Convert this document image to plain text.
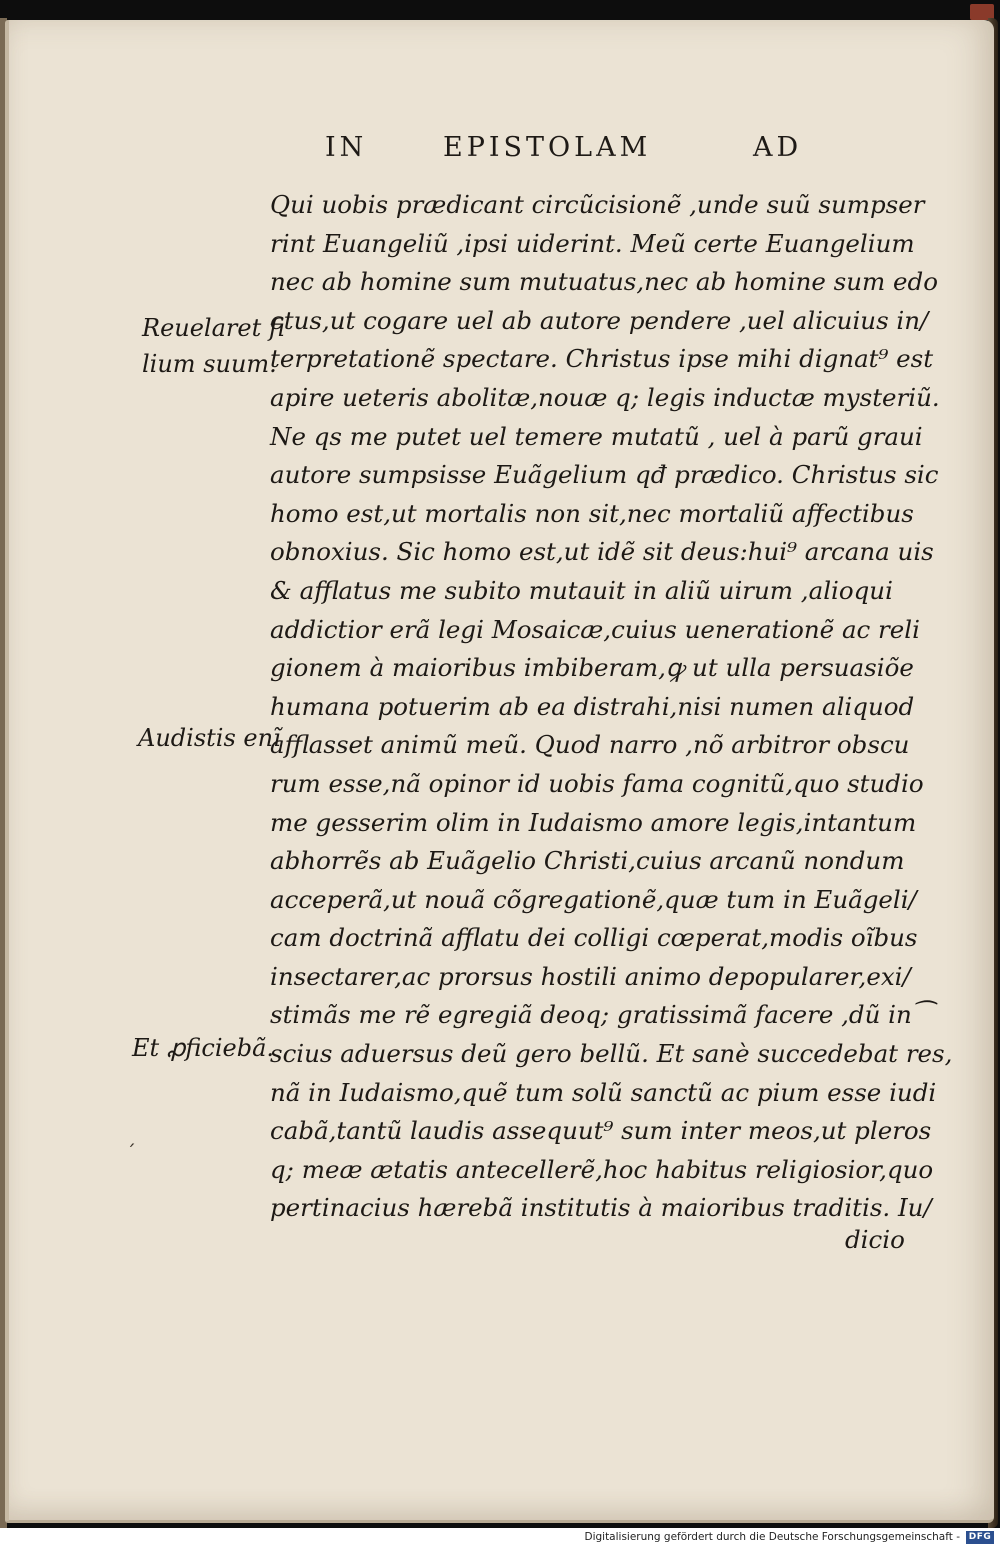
IN	EPISTOLAM	AD
Reuelaret fi
lium suum.
Audistis enĩ
Et ꝓficiebã.
ˊ
Qui uobis prædicant circũcisionẽ ,unde suũ sumpser
rint Euangeliũ ,ipsi uiderint. Meũ certe Euangelium
nec ab homine sum mutuatus,nec ab homine sum edo
ctus,ut cogare uel ab autore pendere ,uel alicuius in/
terpretationẽ spectare. Christus ipse mihi dignat⁹ est
apire ueteris abolitæ,nouæ q; legis inductæ mysteriũ.
Ne qs me putet uel temere mutatũ , uel à parũ graui
autore sumpsisse Euãgelium qđ prædico. Christus sic
homo est,ut mortalis non sit,nec mortaliũ affectibus
obnoxius. Sic homo est,ut idẽ sit deus:hui⁹ arcana uis
& afflatus me subito mutauit in aliũ uirum ,alioqui
addictior erã legi Mosaicæ,cuius uenerationẽ ac reli
gionem à maioribus imbiberam,ꝙ ut ulla persuasiõe
humana potuerim ab ea distrahi,nisi numen aliquod
afflasset animũ meũ. Quod narro ,nõ arbitror obscu
rum esse,nã opinor id uobis fama cognitũ,quo studio
me gesserim olim in Iudaismo amore legis,intantum
abhorrẽs ab Euãgelio Christi,cuius arcanũ nondum
acceperã,ut nouã cõgregationẽ,quæ tum in Euãgeli/
cam doctrinã afflatu dei colligi cœperat,modis oĩbus
insectarer,ac prorsus hostili animo depopularer,exi/
stimãs me rẽ egregiã deoq; gratissimã facere ,dũ in⁀
scius aduersus deũ gero bellũ. Et sanè succedebat res,
nã in Iudaismo,quẽ tum solũ sanctũ ac pium esse iudi
cabã,tantũ laudis assequut⁹ sum inter meos,ut pleros
q; meæ ætatis antecellerẽ,hoc habitus religiosior,quo
pertinacius hærebã institutis à maioribus traditis. Iu/
dicio
Digitalisierung gefördert durch die Deutsche Forschungsgemeinschaft - DFG
